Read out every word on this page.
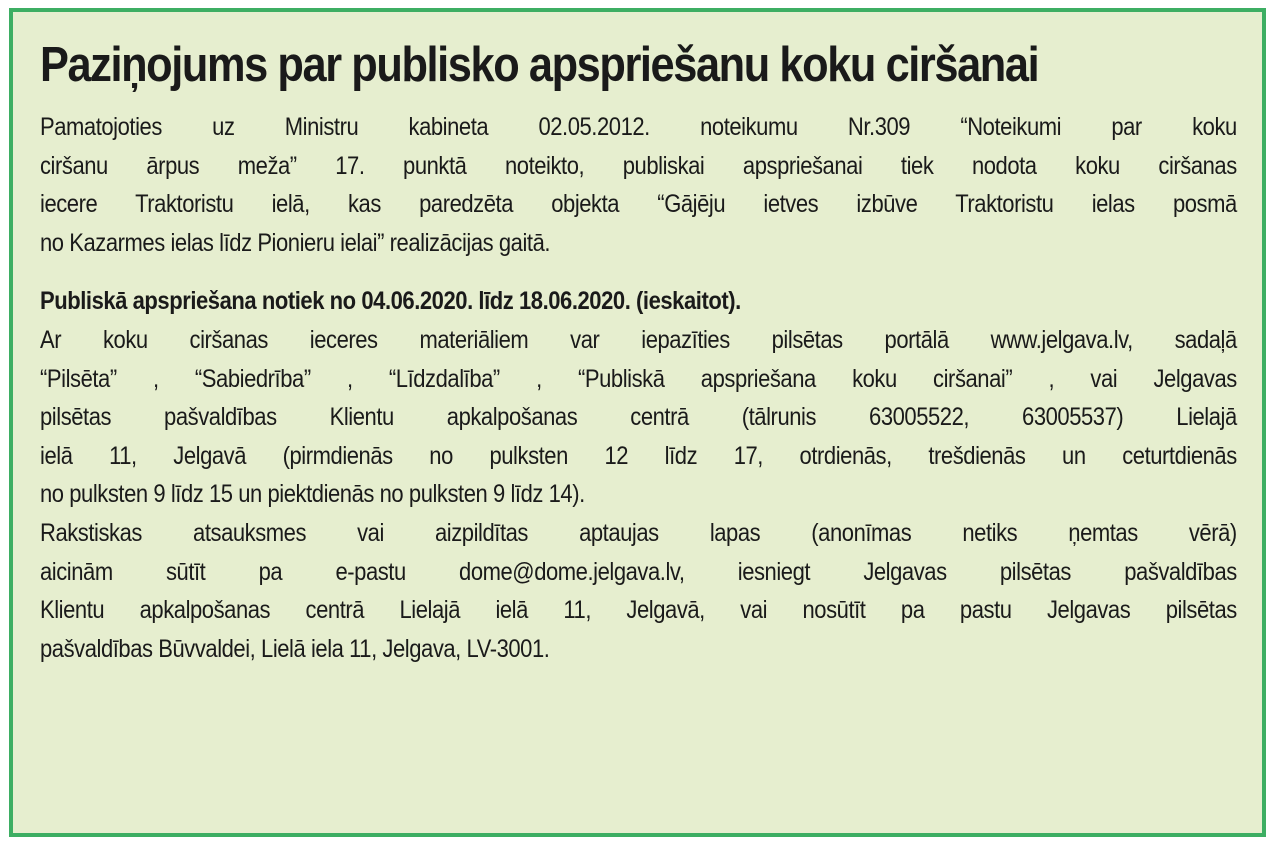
Paziņojums par publisko apspriešanu koku ciršanai

Pamatojoties uz Ministru kabineta 02.05.2012. noteikumu Nr.309 “Noteikumi par koku
ciršanu ārpus meža” 17. punktā noteikto, publiskai apspriešanai tiek nodota koku ciršanas
iecere Traktoristu ielā, kas paredzēta objekta “Gājēju ietves izbūve Traktoristu ielas posmā
no Kazarmes ielas līdz Pionieru ielai” realizācijas gaitā.

Publiskā apspriešana notiek no 04.06.2020. līdz 18.06.2020. (ieskaitot).

Ar koku ciršanas ieceres materiāliem var iepazīties pilsētas portālā www.jelgava.lv, sadaļā
“Pilsēta” , “Sabiedrība” , “Līdzdalība” , “Publiskā apspriešana koku ciršanai” , vai Jelgavas
pilsētas pašvaldības Klientu apkalpošanas centrā (tālrunis 63005522, 63005537) Lielajā
ielā 11, Jelgavā (pirmdienās no pulksten 12 līdz 17, otrdienās, trešdienās un ceturtdienās
no pulksten 9 līdz 15 un piektdienās no pulksten 9 līdz 14).

Rakstiskas atsauksmes vai aizpildītas aptaujas lapas (anonīmas netiks ņemtas vērā)
aicinām sūtīt pa e-pastu dome@dome.jelgava.lv, iesniegt Jelgavas pilsētas pašvaldības
Klientu apkalpošanas centrā Lielajā ielā 11, Jelgavā, vai nosūtīt pa pastu Jelgavas pilsētas
pašvaldības Būvvaldei, Lielā iela 11, Jelgava, LV-3001.
